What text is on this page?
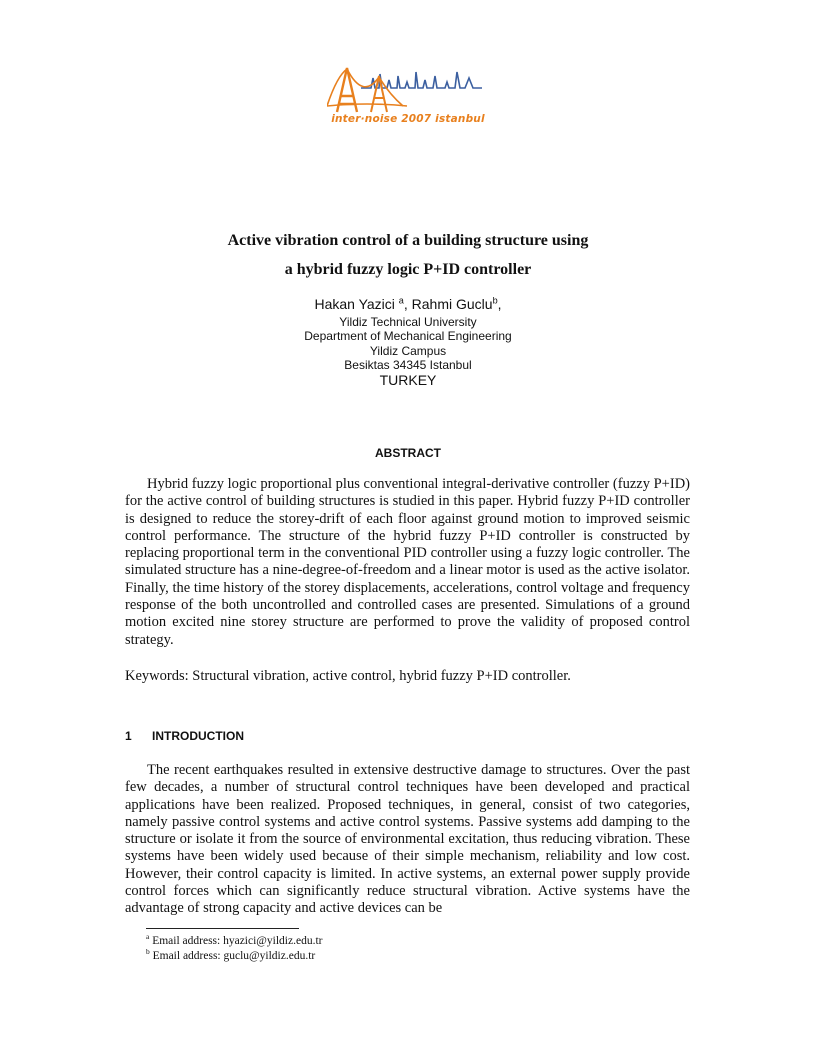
inter·noise 2007 istanbul
Active vibration control of a building structure using
a hybrid fuzzy logic P+ID controller
Hakan Yazici $^a$, Rahmi Guclu$^b$,
Yildiz Technical University
Department of Mechanical Engineering
Yildiz Campus
Besiktas 34345 Istanbul
TURKEY
ABSTRACT

Hybrid fuzzy logic proportional plus conventional integral-derivative controller (fuzzy P+ID) for the active control of building structures is studied in this paper. Hybrid fuzzy P+ID controller is designed to reduce the storey-drift of each floor against ground motion to improved seismic control performance. The structure of the hybrid fuzzy P+ID controller is constructed by replacing proportional term in the conventional PID controller using a fuzzy logic controller. The simulated structure has a nine-degree-of-freedom and a linear motor is used as the active isolator. Finally, the time history of the storey displacements, accelerations, control voltage and frequency response of the both uncontrolled and controlled cases are presented. Simulations of a ground motion excited nine storey structure are performed to prove the validity of proposed control strategy.

Keywords: Structural vibration, active control, hybrid fuzzy P+ID controller.

1 INTRODUCTION

The recent earthquakes resulted in extensive destructive damage to structures. Over the past few decades, a number of structural control techniques have been developed and practical applications have been realized. Proposed techniques, in general, consist of two categories, namely passive control systems and active control systems. Passive systems add damping to the structure or isolate it from the source of environmental excitation, thus reducing vibration. These systems have been widely used because of their simple mechanism, reliability and low cost. However, their control capacity is limited. In active systems, an external power supply provide control forces which can significantly reduce structural vibration. Active systems have the advantage of strong capacity and active devices can be

$^a$ Email address: hyazici@yildiz.edu.tr
$^b$ Email address: guclu@yildiz.edu.tr
